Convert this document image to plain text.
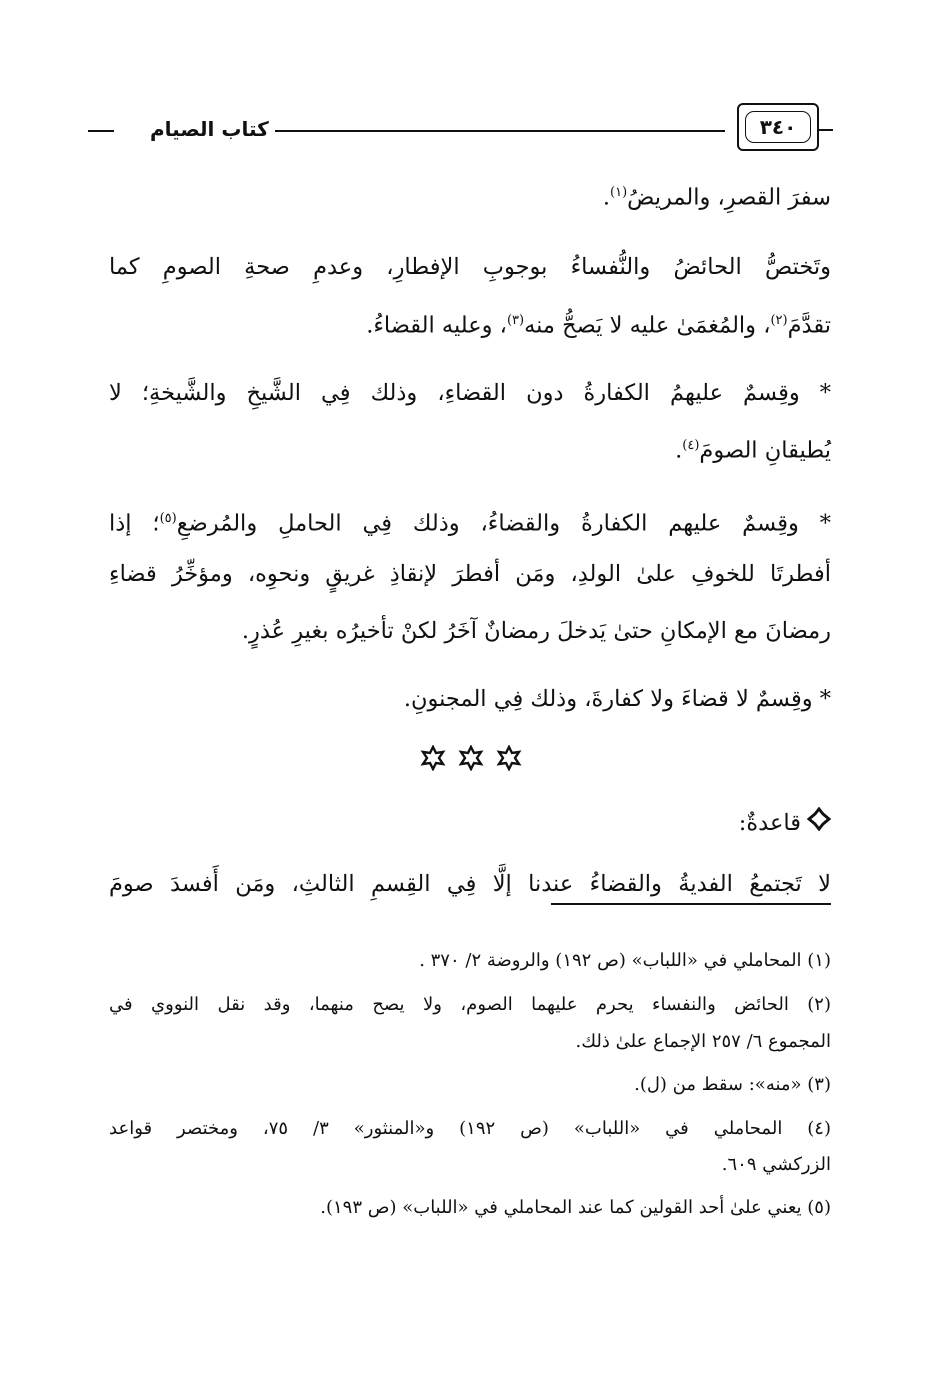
٣٤٠
كتاب الصيام
سفرَ القصرِ، والمريضُ$^{(١)}$.
وتَختصُّ الحائضُ والنُّفساءُ بوجوبِ الإفطارِ، وعدمِ صحةِ الصومِ كما
تقدَّمَ$^{(٢)}$، والمُغمَىٰ عليه لا يَصحُّ منه$^{(٣)}$، وعليه القضاءُ.
* وقِسمٌ عليهمُ الكفارةُ دون القضاءِ، وذلك فِي الشَّيخِ والشَّيخةِ؛ لا
يُطيقانِ الصومَ$^{(٤)}$.
* وقِسمٌ عليهم الكفارةُ والقضاءُ، وذلك فِي الحاملِ والمُرضعِ$^{(٥)}$؛ إذا
أفطرتَا للخوفِ علىٰ الولدِ، ومَن أفطرَ لإنقاذِ غريقٍ ونحوِه، ومؤخِّرُ قضاءِ
رمضانَ مع الإمكانِ حتىٰ يَدخلَ رمضانٌ آخَرُ لكنْ تأخيرُه بغيرِ عُذرٍ.
* وقِسمٌ لا قضاءَ ولا كفارةَ، وذلك فِي المجنونِ.
قاعدةٌ:
لا تَجتمعُ الفديةُ والقضاءُ عندنا إلَّا فِي القِسمِ الثالثِ، ومَن أَفسدَ صومَ
(١) المحاملي في «اللباب» (ص ١٩٢) والروضة ٢/ ٣٧٠ .
(٢) الحائض والنفساء يحرم عليهما الصوم، ولا يصح منهما، وقد نقل النووي في
المجموع ٦/ ٢٥٧ الإجماع علىٰ ذلك.
(٣) «منه»: سقط من (ل).
(٤) المحاملي في «اللباب» (ص ١٩٢) و«المنثور» ٣/ ٧٥، ومختصر قواعد
الزركشي ٦٠٩.
(٥) يعني علىٰ أحد القولين كما عند المحاملي في «اللباب» (ص ١٩٣).
